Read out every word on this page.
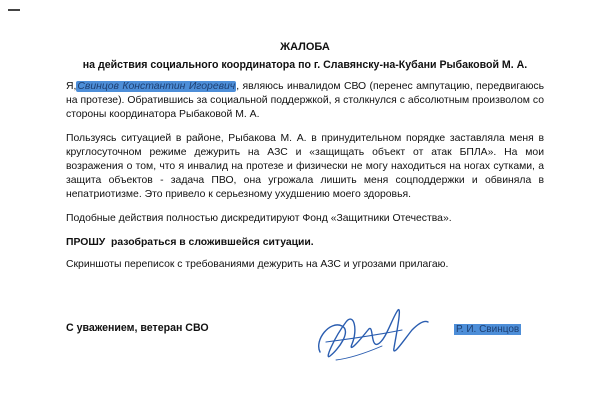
ЖАЛОБА
на действия социального координатора по г. Славянску-на-Кубани Рыбаковой М. А.

Я,Свинцов Константин Игоревич, являюсь инвалидом СВО (перенес ампутацию, передвигаюсь на протезе). Обратившись за социальной поддержкой, я столкнулся с абсолютным произволом со стороны координатора Рыбаковой М. А.

Пользуясь ситуацией в районе, Рыбакова М. А. в принудительном порядке заставляла меня в круглосуточном режиме дежурить на АЗС и «защищать объект от атак БПЛА». На мои возражения о том, что я инвалид на протезе и физически не могу находиться на ногах сутками, а защита объектов - задача ПВО, она угрожала лишить меня соцподдержки и обвиняла в непатриотизме. Это привело к серьезному ухудшению моего здоровья.

Подобные действия полностью дискредитируют Фонд «Защитники Отечества».

ПРОШУ разобраться в сложившейся ситуации.

Скриншоты переписок с требованиями дежурить на АЗС и угрозами прилагаю.

С уважением, ветеран СВО	Р. И. Свинцов
